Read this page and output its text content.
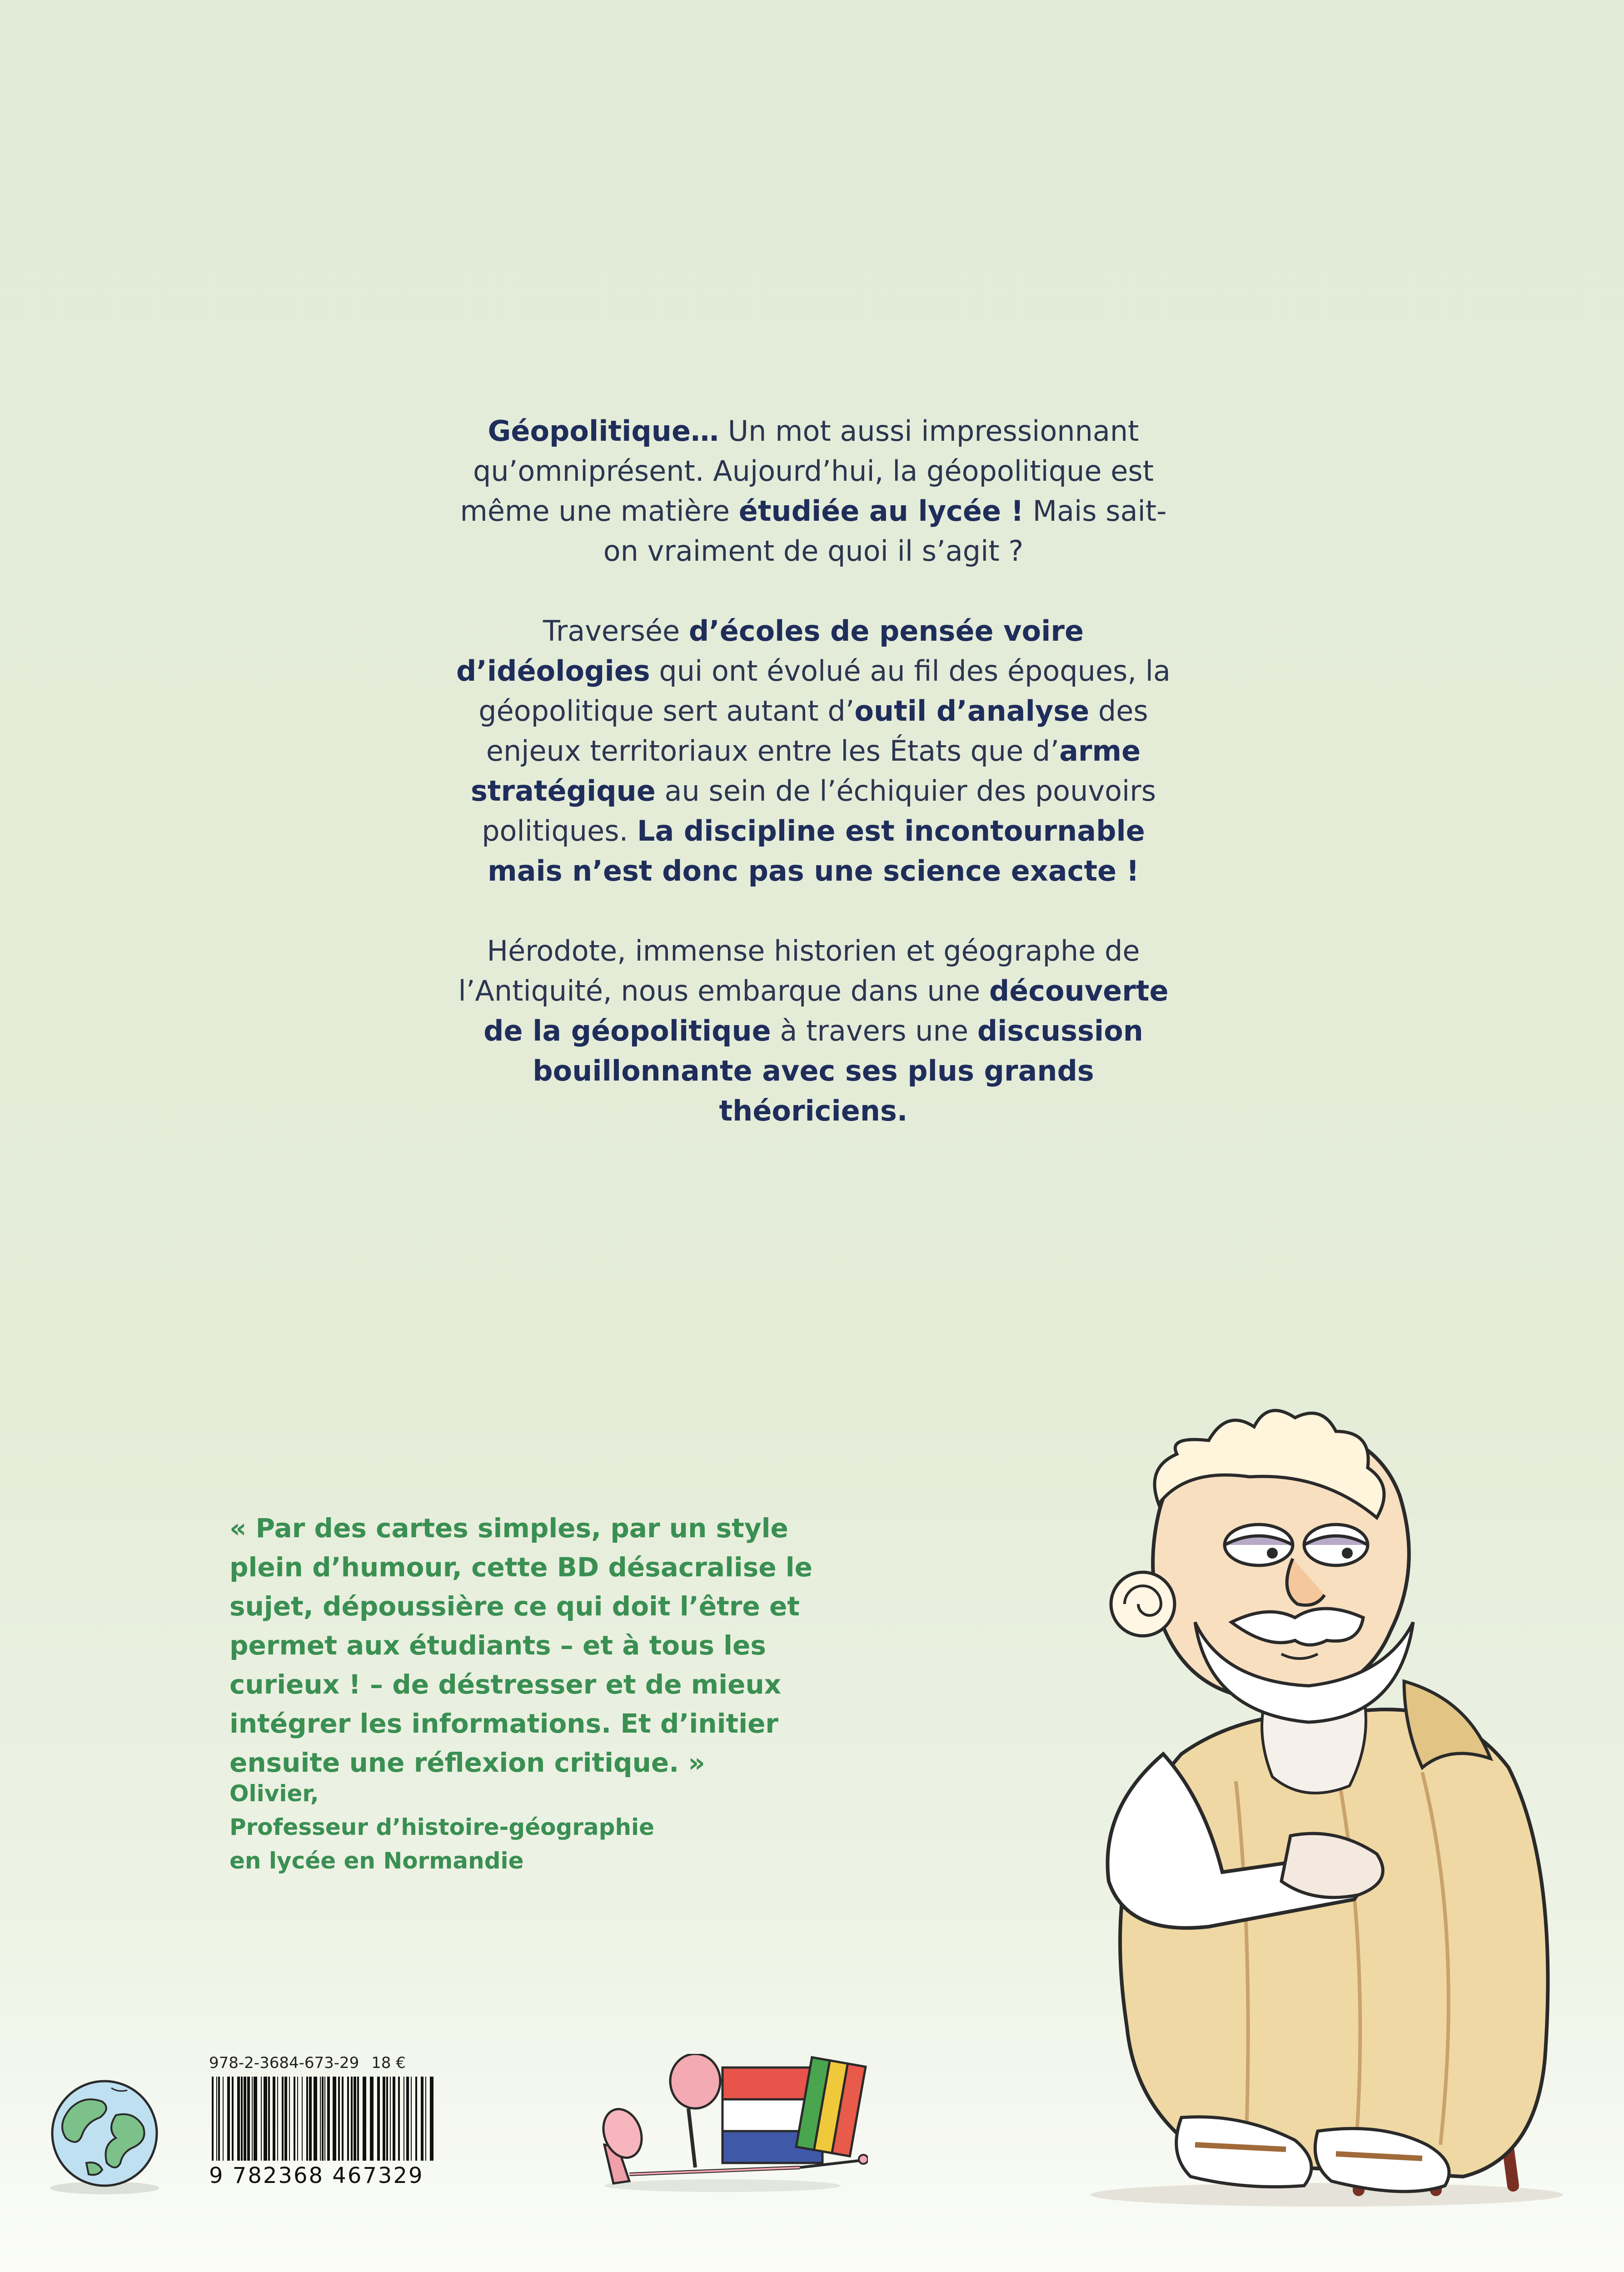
Géopolitique… Un mot aussi impressionnant qu’omniprésent. Aujourd’hui, la géopolitique est même une matière étudiée au lycée ! Mais sait-on vraiment de quoi il s’agit ?

Traversée d’écoles de pensée voire d’idéologies qui ont évolué au fil des époques, la géopolitique sert autant d’outil d’analyse des enjeux territoriaux entre les États que d’arme stratégique au sein de l’échiquier des pouvoirs politiques. La discipline est incontournable mais n’est donc pas une science exacte !

Hérodote, immense historien et géographe de l’Antiquité, nous embarque dans une découverte de la géopolitique à travers une discussion bouillonnante avec ses plus grands théoriciens.

« Par des cartes simples, par un style plein d’humour, cette BD désacralise le sujet, dépoussière ce qui doit l’être et permet aux étudiants – et à tous les curieux ! – de déstresser et de mieux intégrer les informations. Et d’initier ensuite une réflexion critique. »
Olivier,
Professeur d’histoire-géographie
en lycée en Normandie
978-2-3684-673-29 18 €
9 782368 467329
